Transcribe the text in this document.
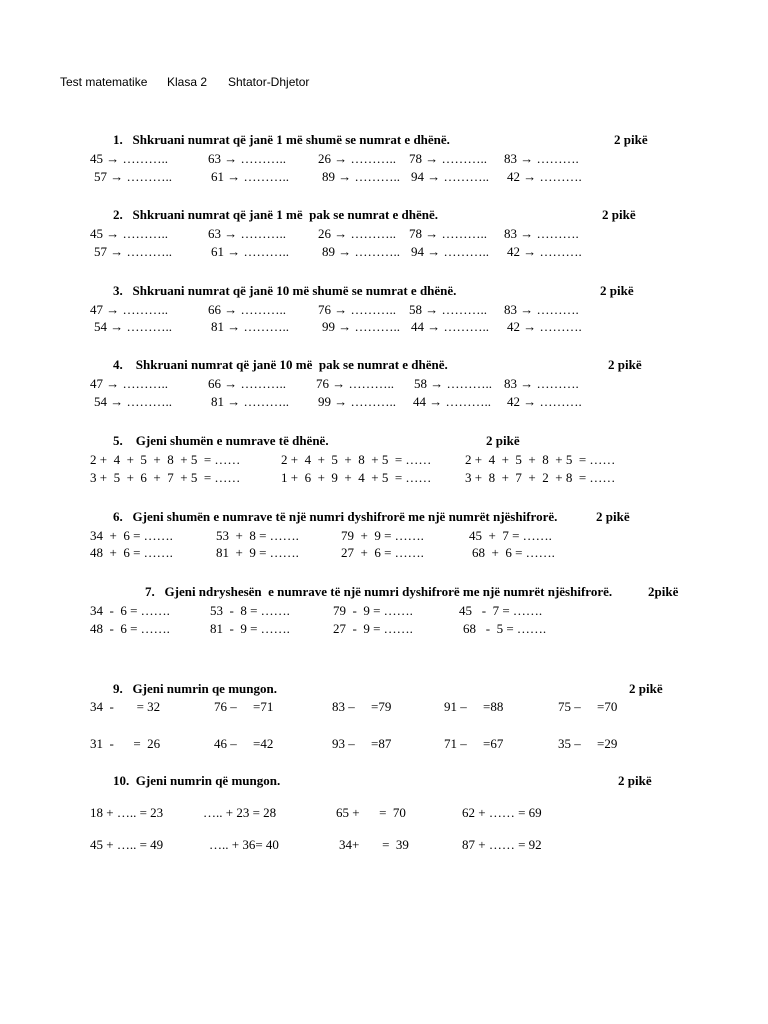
Test matematike Klasa 2 Shtator-Dhjetor
1.   Shkruani numrat që janë 1 më shumë se numrat e dhënë.	2 pikë
45 → ………..	63 → ……….. 26 → ……….. 78 → ……….. 83 → ……….
57 → ………..	61 → ………..	89 → ……….. 94 → ……….. 42 → ……….
2.   Shkruani numrat që janë 1 më  pak se numrat e dhënë.	2 pikë
45 → ………..	63 → ……….. 26 → ……….. 78 → ……….. 83 → ……….
57 → ………..	61 → ………..	89 → ……….. 94 → ……….. 42 → ……….
3.   Shkruani numrat që janë 10 më shumë se numrat e dhënë.	2 pikë
47 → ………..	66 → ……….. 76 → ……….. 58 → ……….. 83 → ……….
54 → ………..	81 → ………..	99 → ……….. 44 → ……….. 42 → ……….
4.    Shkruani numrat që janë 10 më  pak se numrat e dhënë.	2 pikë
47 → ………..	66 → ……….. 76 → ……….. 58 → ……….. 83 → ……….
54 → ………..	81 → ……….. 99 → ……….. 44 → ……….. 42 → ……….
5.    Gjeni shumën e numrave të dhënë.	2 pikë
2 +  4  +  5  +  8  + 5  = ……	2 +  4  +  5  +  8  + 5  = ……	2 +  4  +  5  +  8  + 5  = ……
3 +  5  +  6  +  7  + 5  = ……	1 +  6  +  9  +  4  + 5  = ……	3 +  8  +  7  +  2  + 8  = ……
6.   Gjeni shumën e numrave të një numri dyshifrorë me një numrët njëshifrorë.	2 pikë
34  +  6 = …….	53  +  8 = …….	79  +  9 = …….	45  +  7 = …….
48  +  6 = …….	81  +  9 = …….	27  +  6 = …….	68  +  6 = …….
7.   Gjeni ndryshesën  e numrave të një numri dyshifrorë me një numrët njëshifrorë.	2pikë
34  -  6 = …….	53  -  8 = …….	79  -  9 = …….	45   -  7 = …….
48  -  6 = …….	81  -  9 = …….	27  -  9 = …….	68   -  5 = …….
9.   Gjeni numrin qe mungon.	2 pikë
34  -       = 32	76 –     =71	83 –     =79	91 –     =88	75 –     =70
31  -      =  26	46 –     =42	93 –     =87	71 –     =67	35 –     =29
10.  Gjeni numrin që mungon.	2 pikë
18 + ….. = 23	….. + 23 = 28	65 +      =  70	62 + …… = 69
45 + ….. = 49	….. + 36= 40	34+       =  39	87 + …… = 92
